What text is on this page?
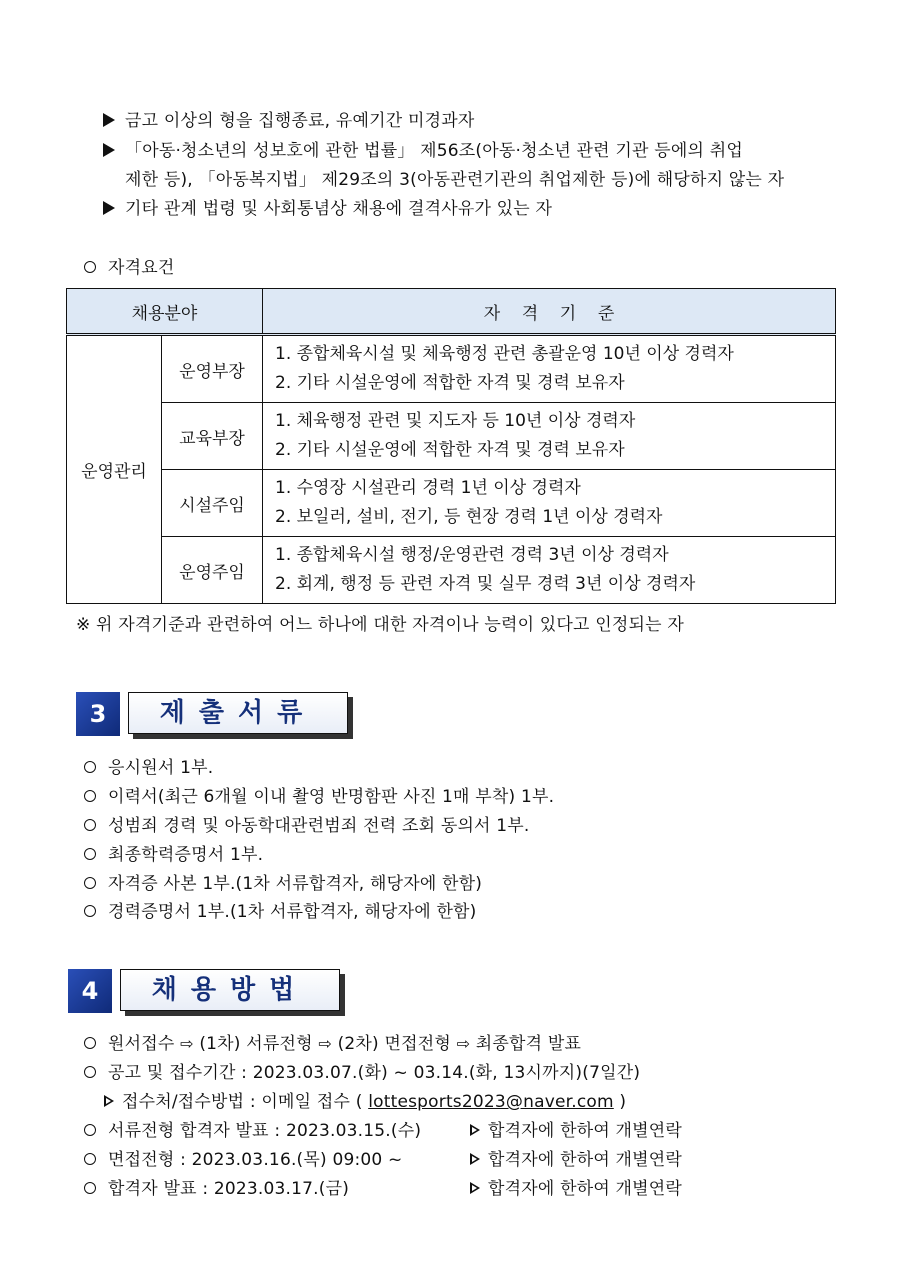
금고 이상의 형을 집행종료, 유예기간 미경과자
「아동·청소년의 성보호에 관한 법률」 제56조(아동·청소년 관련 기관 등에의 취업
제한 등), 「아동복지법」 제29조의 3(아동관련기관의 취업제한 등)에 해당하지 않는 자
기타 관계 법령 및 사회통념상 채용에 결격사유가 있는 자
자격요건
채용분야		자    격    기    준
운영관리	운영부장	1. 종합체육시설 및 체육행정 관련 총괄운영 10년 이상 경력자
2. 기타 시설운영에 적합한 자격 및 경력 보유자

	교육부장	1. 체육행정 관련 및 지도자 등 10년 이상 경력자
2. 기타 시설운영에 적합한 자격 및 경력 보유자

	시설주임	1. 수영장 시설관리 경력 1년 이상 경력자
2. 보일러, 설비, 전기, 등 현장 경력 1년 이상 경력자

	운영주임	1. 종합체육시설 행정/운영관련 경력 3년 이상 경력자
2. 회계, 행정 등 관련 자격 및 실무 경력 3년 이상 경력자
※ 위 자격기준과 관련하여 어느 하나에 대한 자격이나 능력이 있다고 인정되는 자
3	제출서류
응시원서 1부.
이력서(최근 6개월 이내 촬영 반명함판 사진 1매 부착) 1부.
성범죄 경력 및 아동학대관련범죄 전력 조회 동의서 1부.
최종학력증명서 1부.
자격증 사본 1부.(1차 서류합격자, 해당자에 한함)
경력증명서 1부.(1차 서류합격자, 해당자에 한함)
4	채용방법
원서접수 ⇨ (1차) 서류전형 ⇨ (2차) 면접전형 ⇨ 최종합격 발표
공고 및 접수기간 : 2023.03.07.(화) ~ 03.14.(화, 13시까지)(7일간)
접수처/접수방법 : 이메일 접수 ( lottesports2023@naver.com )
서류전형 합격자 발표 : 2023.03.15.(수)	합격자에 한하여 개별연락
면접전형 : 2023.03.16.(목) 09:00 ~	합격자에 한하여 개별연락
합격자 발표 : 2023.03.17.(금)	합격자에 한하여 개별연락
